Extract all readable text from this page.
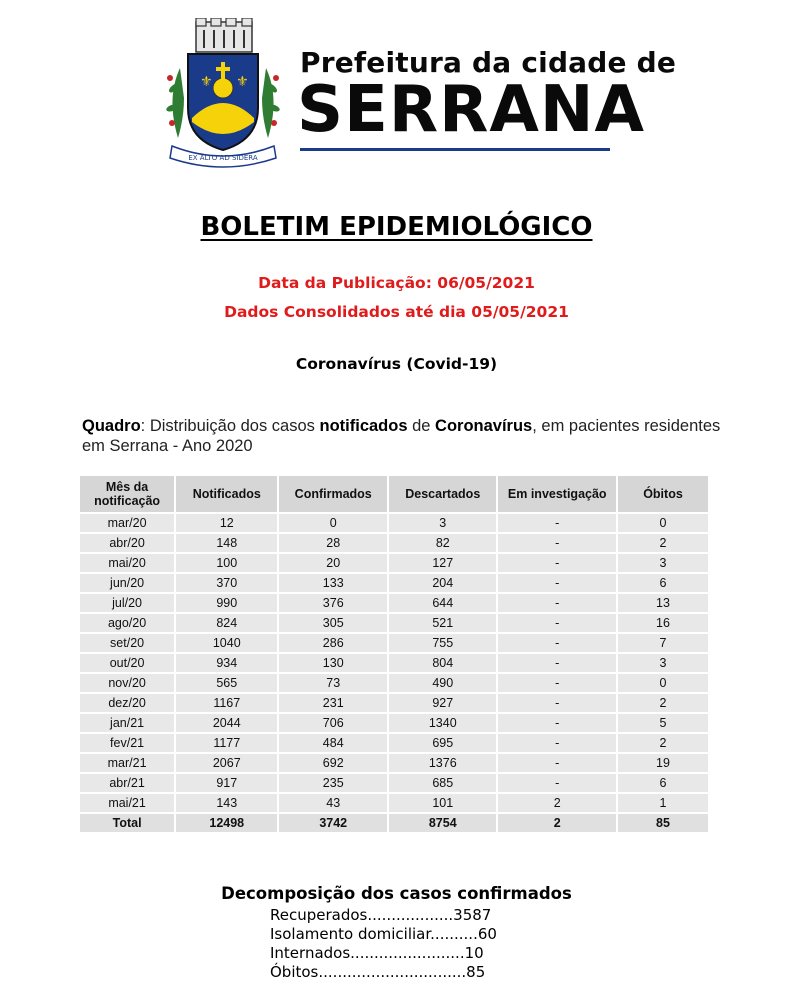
⚜ ⚜
EX ALTO AD SIDERA
Prefeitura da cidade de
SERRANA
BOLETIM EPIDEMIOLÓGICO
Data da Publicação: 06/05/2021
Dados Consolidados até dia 05/05/2021
Coronavírus (Covid-19)
Quadro: Distribuição dos casos notificados de Coronavírus, em pacientes residentes em Serrana - Ano 2020
Mês da notificação	Notificados	Confirmados	Descartados	Em investigação	Óbitos
mar/20	12	0	3	-	0
abr/20	148	28	82	-	2
mai/20	100	20	127	-	3
jun/20	370	133	204	-	6
jul/20	990	376	644	-	13
ago/20	824	305	521	-	16
set/20	1040	286	755	-	7
out/20	934	130	804	-	3
nov/20	565	73	490	-	0
dez/20	1167	231	927	-	2
jan/21	2044	706	1340	-	5
fev/21	1177	484	695	-	2
mar/21	2067	692	1376	-	19
abr/21	917	235	685	-	6
mai/21	143	43	101	2	1
Total	12498	3742	8754	2	85
Decomposição dos casos confirmados
Recuperados..................3587
Isolamento domiciliar..........60
Internados........................10
Óbitos...............................85
